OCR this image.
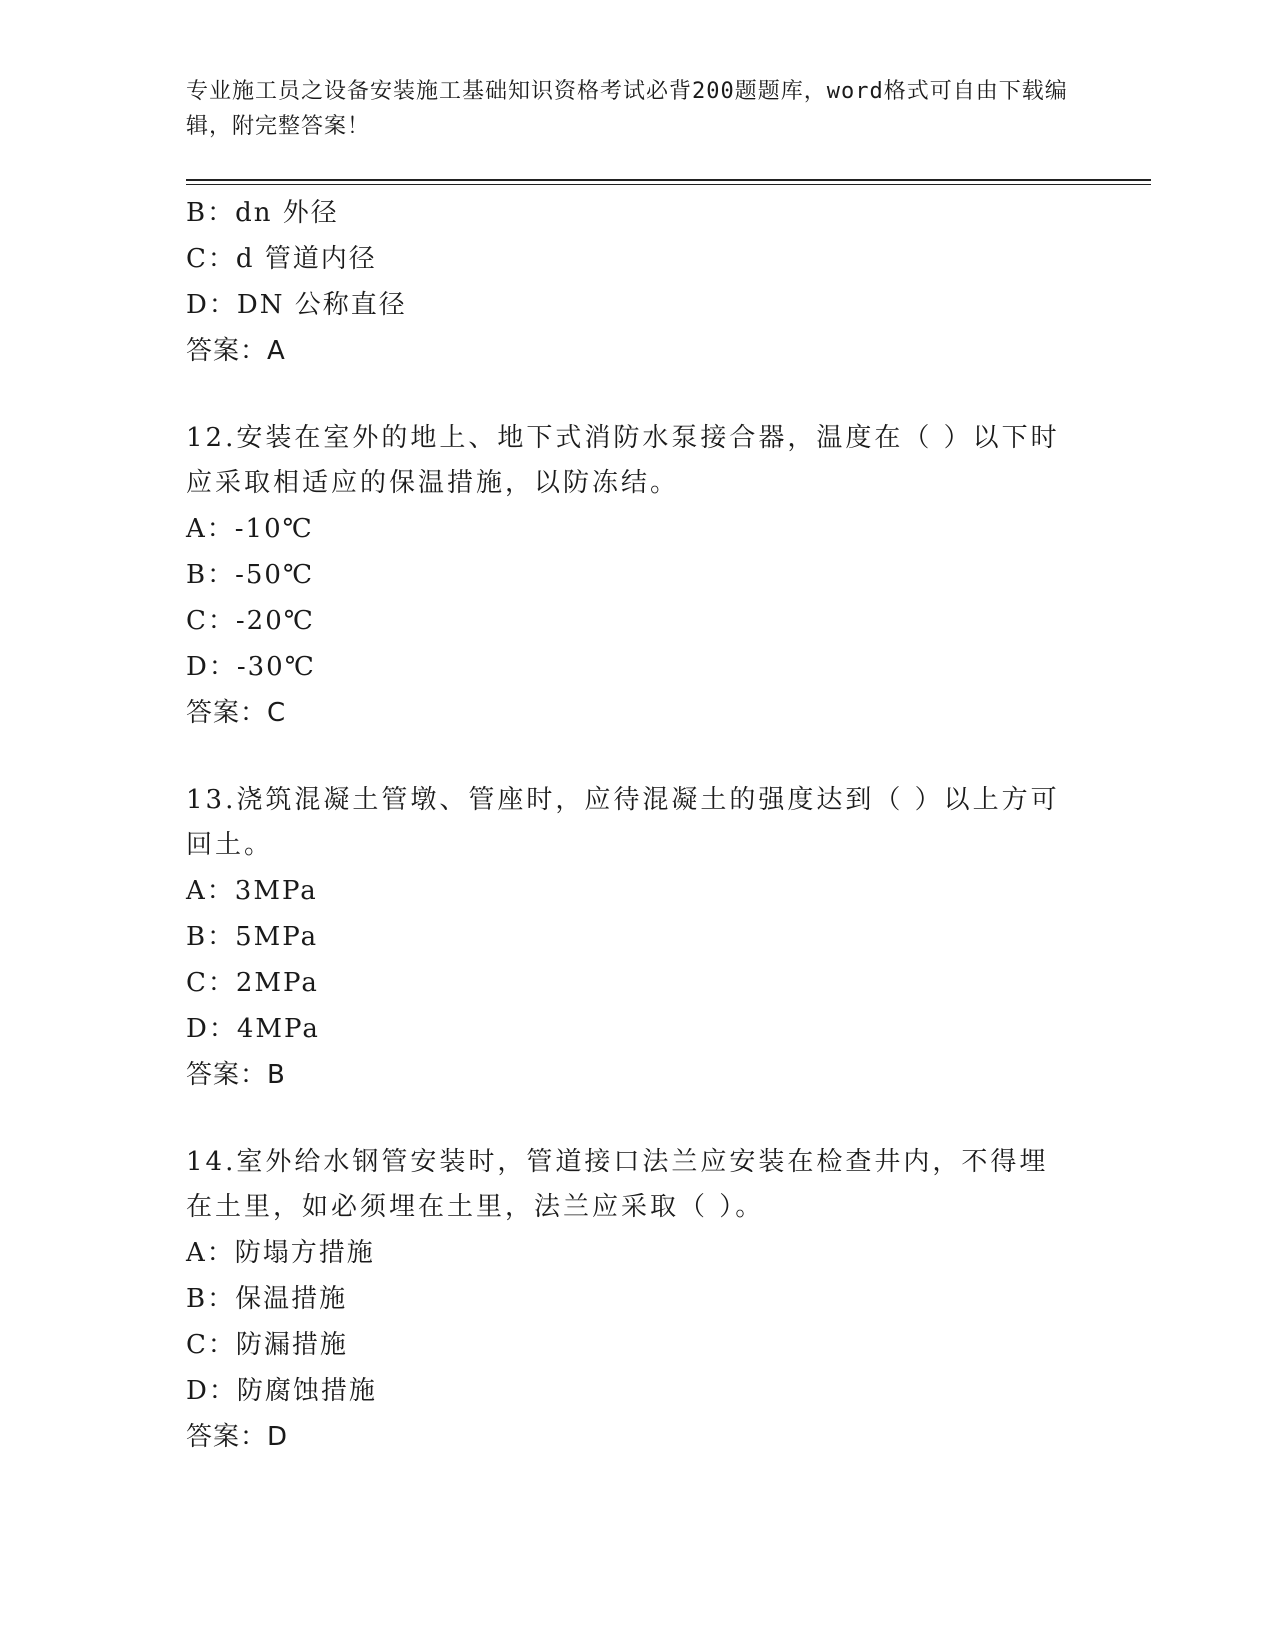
专业施工员之设备安装施工基础知识资格考试必背200题题库，word格式可自由下载编辑，附完整答案！
B：dn 外径
C：d 管道内径
D：DN 公称直径
答案：A
12.安装在室外的地上、地下式消防水泵接合器，温度在（ ）以下时应采取相适应的保温措施，以防冻结。
A：-10℃
B：-50℃
C：-20℃
D：-30℃
答案：C
13.浇筑混凝土管墩、管座时，应待混凝土的强度达到（ ）以上方可回土。
A：3MPa
B：5MPa
C：2MPa
D：4MPa
答案：B
14.室外给水钢管安装时，管道接口法兰应安装在检查井内，不得埋在土里，如必须埋在土里，法兰应采取（ ）。
A：防塌方措施
B：保温措施
C：防漏措施
D：防腐蚀措施
答案：D
